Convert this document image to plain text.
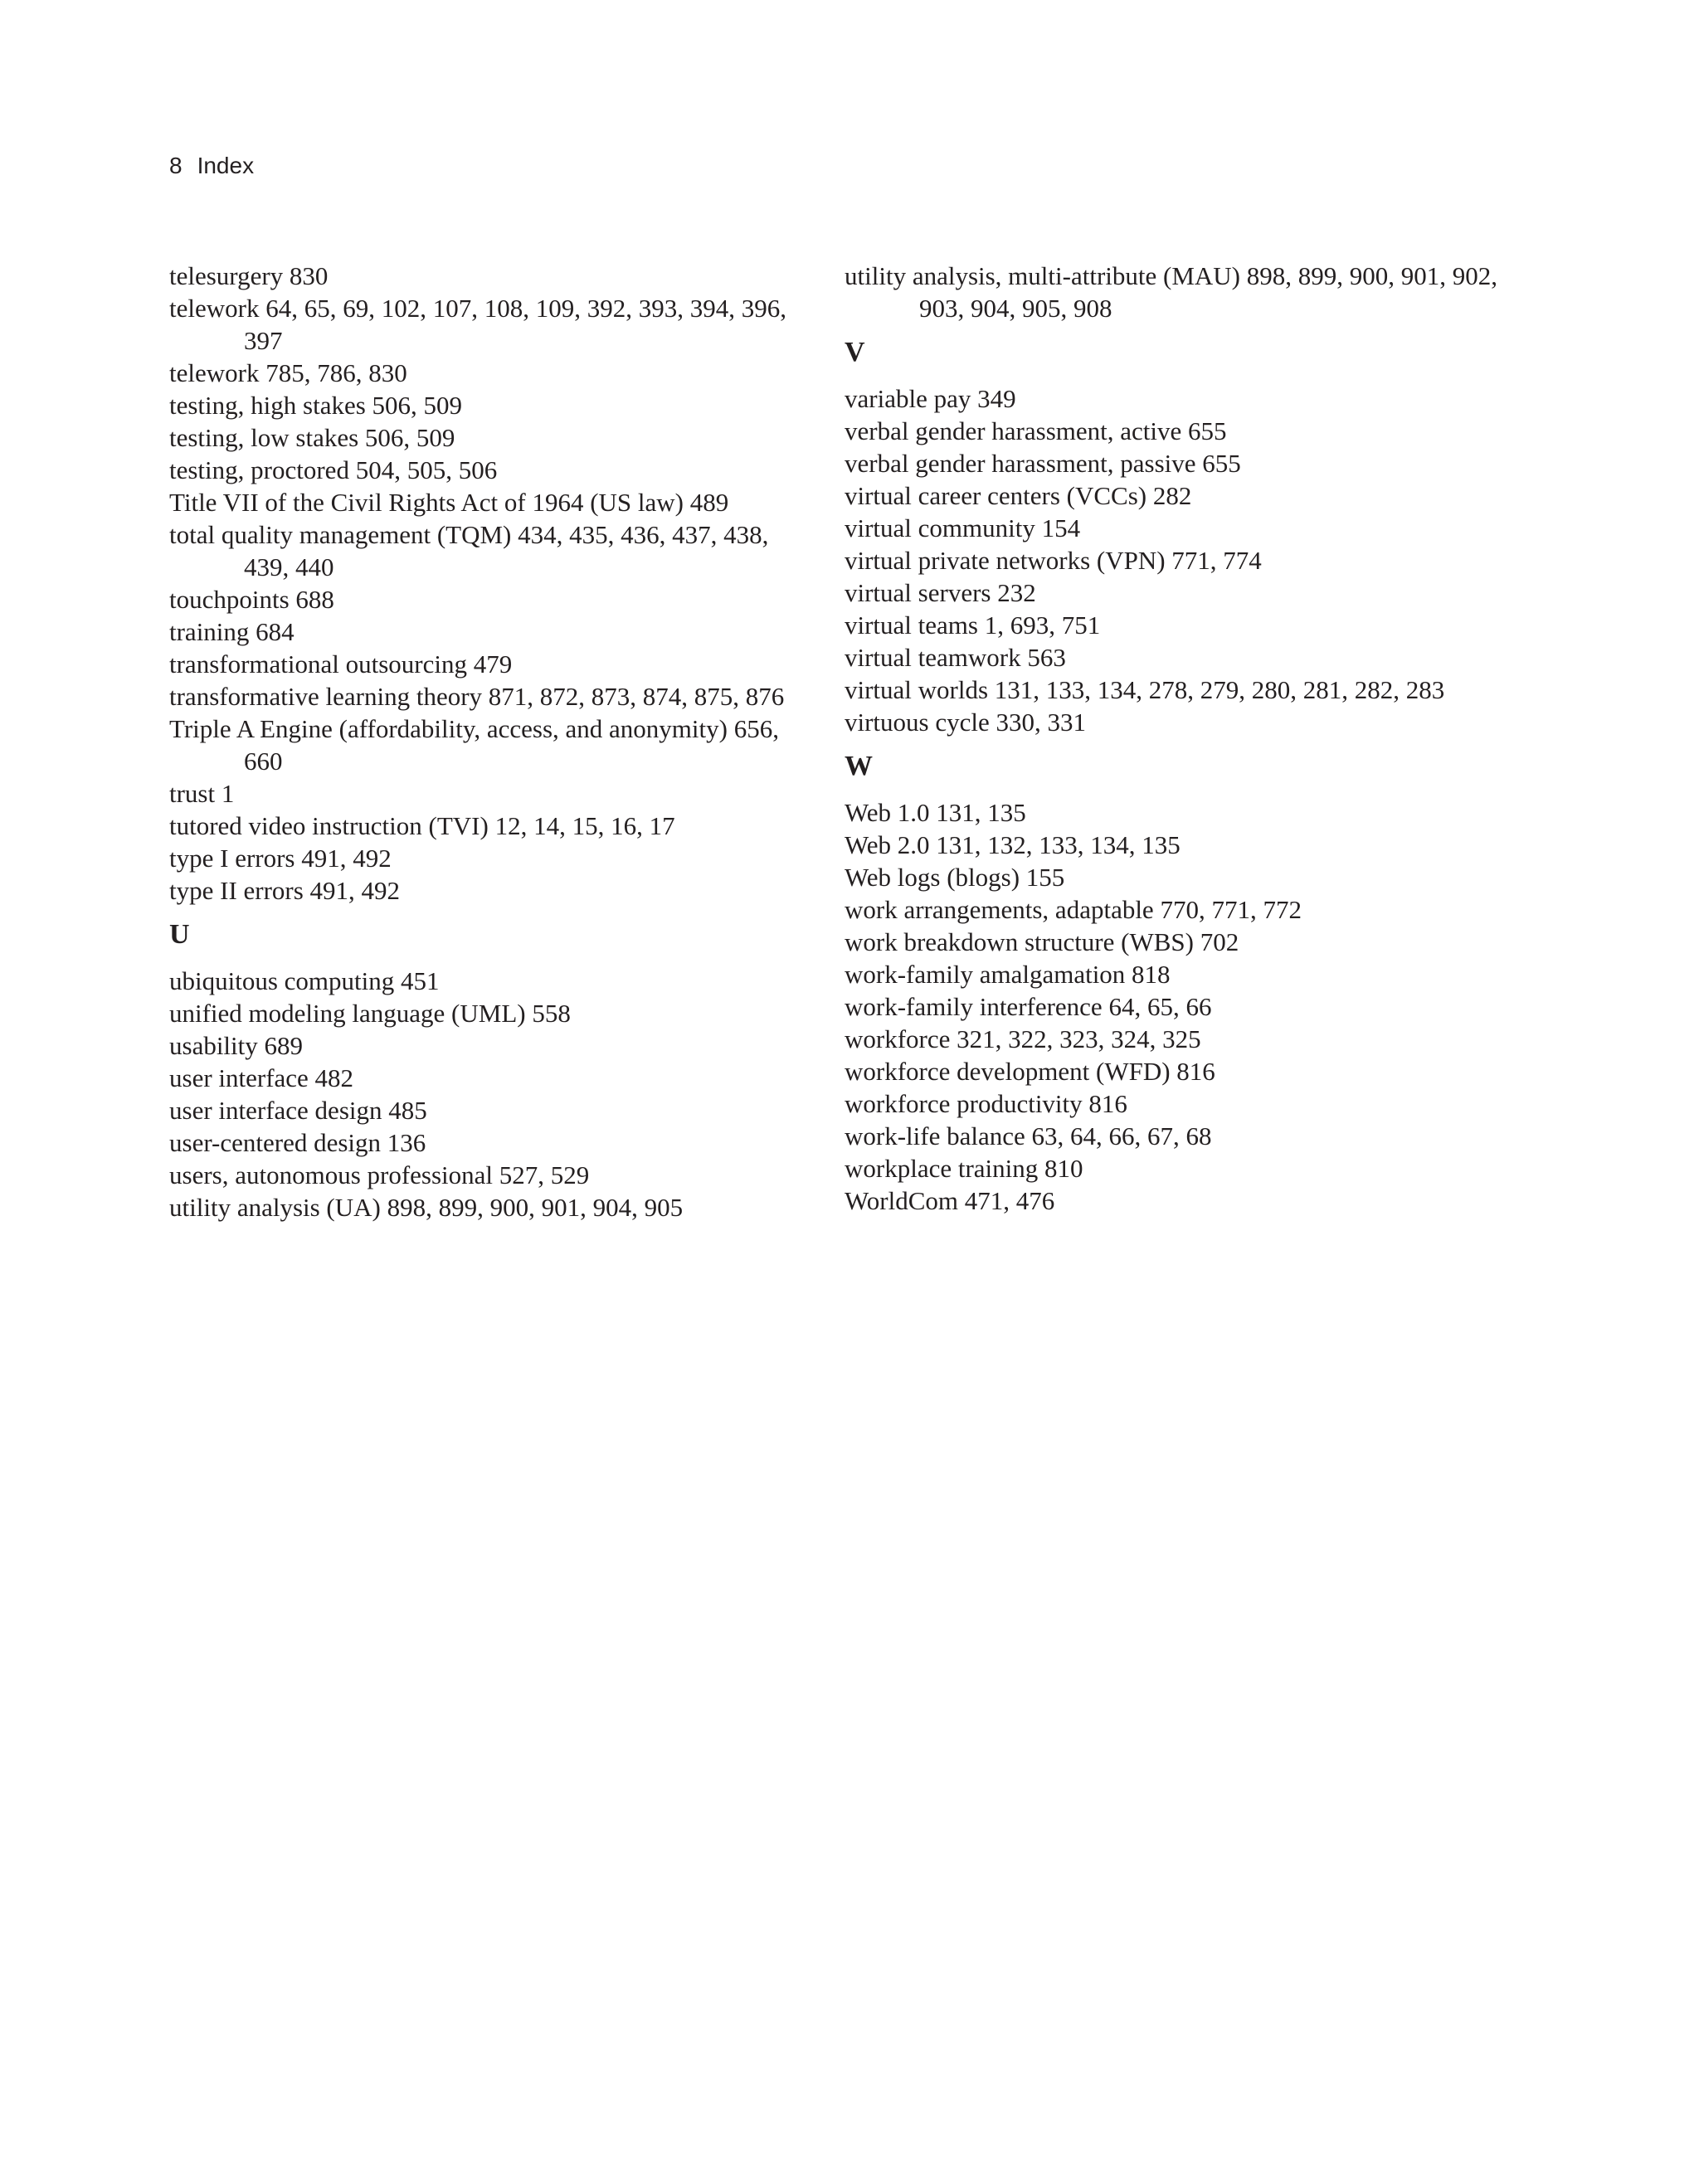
8 Index

telesurgery 830

telework 64, 65, 69, 102, 107, 108, 109, 392, 393, 394, 396, 397

telework 785, 786, 830

testing, high stakes 506, 509

testing, low stakes 506, 509

testing, proctored 504, 505, 506

Title VII of the Civil Rights Act of 1964 (US law) 489

total quality management (TQM) 434, 435, 436, 437, 438, 439, 440

touchpoints 688

training 684

transformational outsourcing 479

transformative learning theory 871, 872, 873, 874, 875, 876

Triple A Engine (affordability, access, and anonymity) 656, 660

trust 1

tutored video instruction (TVI) 12, 14, 15, 16, 17

type I errors 491, 492

type II errors 491, 492

U

ubiquitous computing 451

unified modeling language (UML) 558

usability 689

user interface 482

user interface design 485

user-centered design 136

users, autonomous professional 527, 529

utility analysis (UA) 898, 899, 900, 901, 904, 905

utility analysis, multi-attribute (MAU) 898, 899, 900, 901, 902, 903, 904, 905, 908

V

variable pay 349

verbal gender harassment, active 655

verbal gender harassment, passive 655

virtual career centers (VCCs) 282

virtual community 154

virtual private networks (VPN) 771, 774

virtual servers 232

virtual teams 1, 693, 751

virtual teamwork 563

virtual worlds 131, 133, 134, 278, 279, 280, 281, 282, 283

virtuous cycle 330, 331

W

Web 1.0 131, 135

Web 2.0 131, 132, 133, 134, 135

Web logs (blogs) 155

work arrangements, adaptable 770, 771, 772

work breakdown structure (WBS) 702

work-family amalgamation 818

work-family interference 64, 65, 66

workforce 321, 322, 323, 324, 325

workforce development (WFD) 816

workforce productivity 816

work-life balance 63, 64, 66, 67, 68

workplace training 810

WorldCom 471, 476
